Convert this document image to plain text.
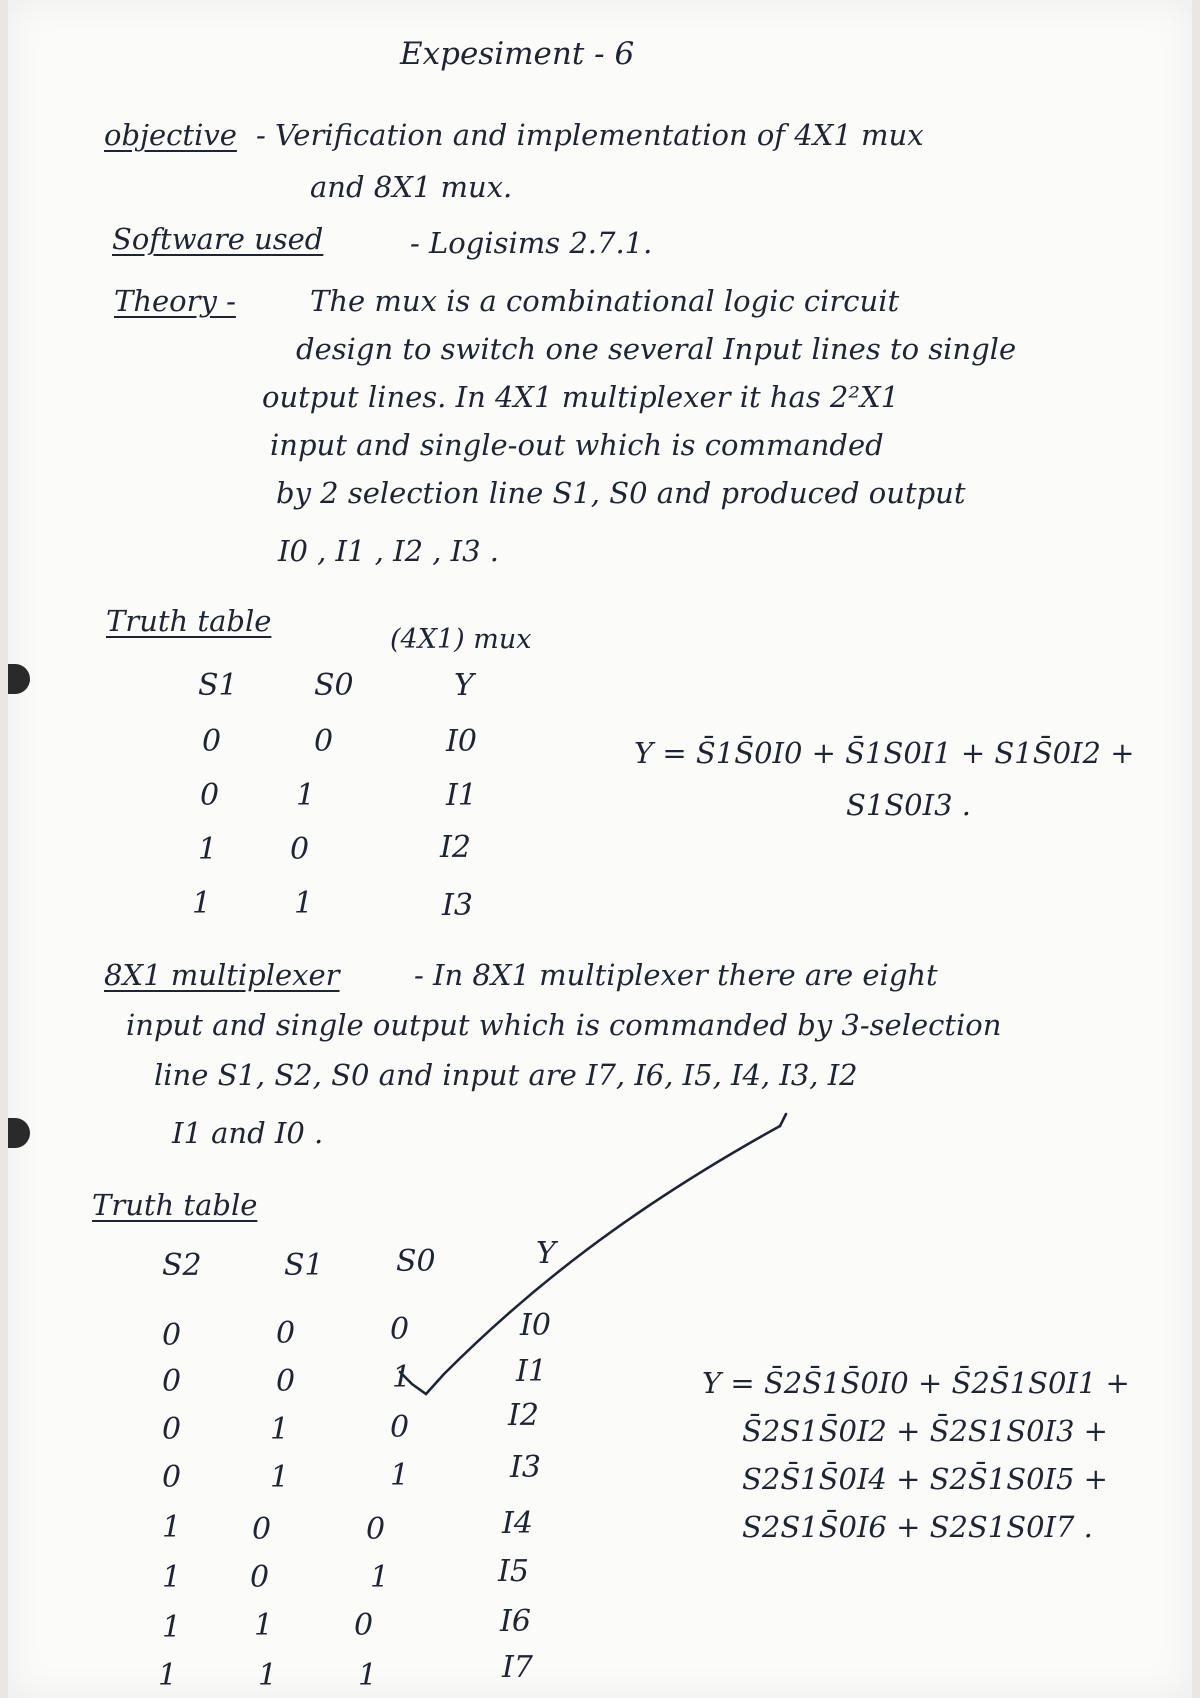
Expesiment - 6
objective - Verification and implementation of 4X1 mux
and 8X1 mux.
Software used	- Logisims 2.7.1.
Theory -	The mux is a combinational logic circuit
design to switch one several Input lines to single
output lines. In 4X1 multiplexer it has 2²X1
input and single-out which is commanded
by 2 selection line S1, S0 and produced output
I0 , I1 , I2 , I3 .
Truth table
(4X1) mux
S1	S0	Y
0	0	I0
0	1	I1
1 0	I2
1	1	I3
Y = S̄1S̄0I0 + S̄1S0I1 + S1S̄0I2 +
S1S0I3 .
8X1 multiplexer	- In 8X1 multiplexer there are eight
input and single output which is commanded by 3-selection
line S1, S2, S0 and input are I7, I6, I5, I4, I3, I2
I1 and I0 .
Truth table
S2	S1 S0	Y
0	0	0	I0
0	0	1	I1
0	1	0	I2
0	1	1	I3
1 0	0	I4
1 0	1	I5
1 1	0	I6
1	1	1	I7
Y = S̄2S̄1S̄0I0 + S̄2S̄1S0I1 +
S̄2S1S̄0I2 + S̄2S1S0I3 +
S2S̄1S̄0I4 + S2S̄1S0I5 +
S2S1S̄0I6 + S2S1S0I7 .
